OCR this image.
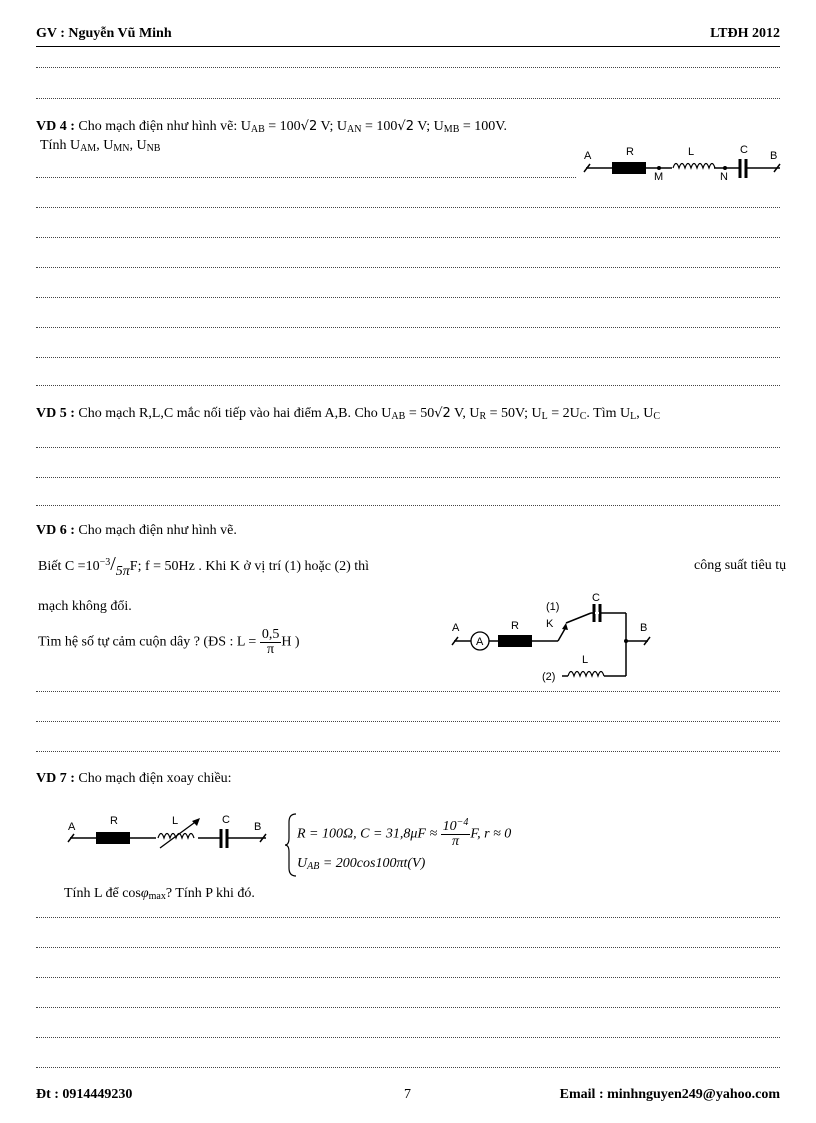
GV : Nguyễn Vũ Minh	LTĐH 2012
VD 4 : Cho mạch điện như hình vẽ: $U_{AB} = 100√2$ V; $U_{AN} = 100√2$ V; $U_{MB} = 100V$.
Tính $U_{AM}$, $U_{MN}$, $U_{NB}$
A	R
M
L
N
C B
VD 5 : Cho mạch R,L,C mắc nối tiếp vào hai điểm A,B. Cho $U_{AB} = 50√2$ V, $U_R = 50V$; $U_L = 2U_C$. Tìm $U_L$, $U_C$
VD 6 : Cho mạch điện như hình vẽ.
Biết $C =10^{-3}/5\pi F$; f = 50Hz . Khi K ở vị trí (1) hoặc (2) thì	công suất tiêu tụ
mạch không đổi.
Tìm hệ số tự cảm cuộn dây ? (ĐS : $L = \frac{0,5}{\pi}$ H )
A
A
R K
(1)
C
B
(2)
L
VD 7 : Cho mạch điện xoay chiều:
A	R	L	C
B	R = 100Ω, $C = 31,8\mu F \approx \frac{10^{-4}}{\pi} F$, r ≈ 0
$U_{AB} = 200\cos 100\pi t(V)$
Tính L để cosφ$_{max}$? Tính P khi đó.
Đt : 0914449230	7	Email : minhnguyen249@yahoo.com
